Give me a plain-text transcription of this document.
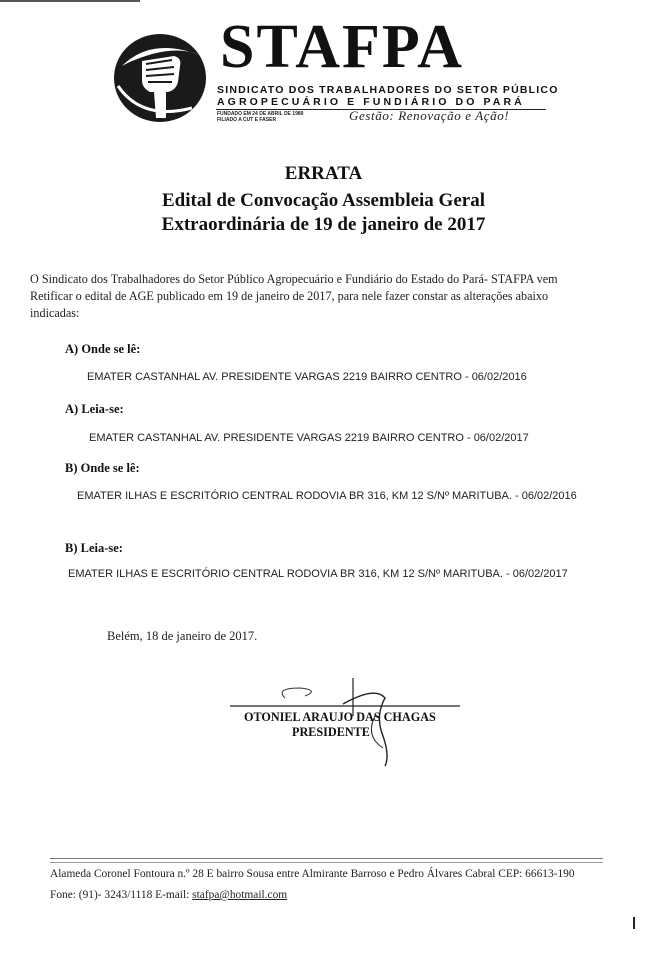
STAFPA
SINDICATO DOS TRABALHADORES DO SETOR PÚBLICO
AGROPECUÁRIO E FUNDIÁRIO DO PARÁ
FUNDADO EM 24 DE ABRIL DE 1989
FILIADO A CUT E FASER	Gestão: Renovação e Ação!
ERRATA
Edital de Convocação Assembleia Geral
Extraordinária de 19 de janeiro de 2017
O Sindicato dos Trabalhadores do Setor Público Agropecuário e Fundiário do Estado do Pará- STAFPA vem
Retificar o edital de AGE publicado em 19 de janeiro de 2017, para nele fazer constar as alterações abaixo
indicadas:
A) Onde se lê:
EMATER CASTANHAL AV. PRESIDENTE VARGAS 2219 BAIRRO CENTRO - 06/02/2016
A) Leia-se:
EMATER CASTANHAL AV. PRESIDENTE VARGAS 2219 BAIRRO CENTRO - 06/02/2017
B) Onde se lê:
EMATER ILHAS E ESCRITÓRIO CENTRAL RODOVIA BR 316, KM 12 S/Nº MARITUBA. - 06/02/2016
B) Leia-se:
EMATER ILHAS E ESCRITÓRIO CENTRAL RODOVIA BR 316, KM 12 S/Nº MARITUBA. - 06/02/2017
Belém, 18 de janeiro de 2017.
OTONIEL ARAUJO DAS CHAGAS
PRESIDENTE
Alameda Coronel Fontoura n.º 28 E bairro Sousa entre Almirante Barroso e Pedro Álvares Cabral CEP: 66613-190
Fone: (91)- 3243/1118 E-mail: stafpa@hotmail.com
